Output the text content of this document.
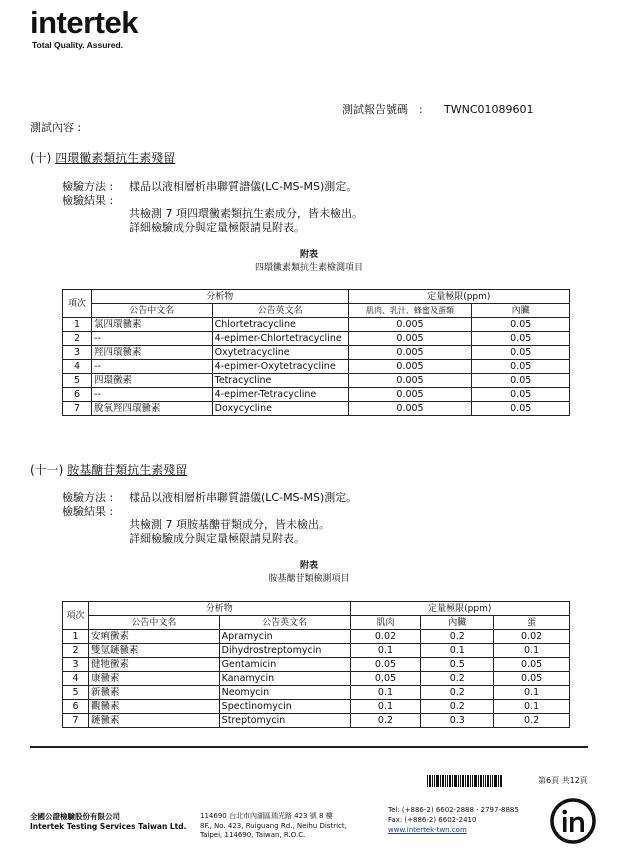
intertek
Total Quality. Assured.
測試報告號碼　: TWNC01089601
測試內容 :
(十) 四環黴素類抗生素殘留
檢驗方法 : 樣品以液相層析串聯質譜儀(LC-MS-MS)測定。
檢驗結果 :
共檢測 7 項四環黴素類抗生素成分，皆未檢出。
詳細檢驗成分與定量極限請見附表。
附表
四環黴素類抗生素檢測項目
項次	分析物		定量極限(ppm)	
	公告中文名	公告英文名	肌肉、乳汁、蜂蜜及蛋類	內臟
1	氯四環黴素	Chlortetracycline	0.005	0.05
2	--	4-epimer-Chlortetracycline	0.005	0.05
3	羥四環黴素	Oxytetracycline	0.005	0.05
4	--	4-epimer-Oxytetracycline	0.005	0.05
5	四環黴素	Tetracycline	0.005	0.05
6	--	4-epimer-Tetracycline	0.005	0.05
7	脫氧羥四環黴素	Doxycycline	0.005	0.05
(十一) 胺基醣苷類抗生素殘留
檢驗方法 : 樣品以液相層析串聯質譜儀(LC-MS-MS)測定。
檢驗結果 :
共檢測 7 項胺基醣苷類成分，皆未檢出。
詳細檢驗成分與定量極限請見附表。
附表
胺基醣苷類檢測項目
項次	分析物		定量極限(ppm)		
	公告中文名	公告英文名	肌肉	內臟	蛋
1	安痢黴素	Apramycin	0.02	0.2	0.02
2	雙氫鏈黴素	Dihydrostreptomycin	0.1	0.1	0.1
3	健牠黴素	Gentamicin	0.05	0.5	0.05
4	康黴素	Kanamycin	0.05	0.2	0.05
5	新黴素	Neomycin	0.1	0.2	0.1
6	觀黴素	Spectinomycin	0.1	0.2	0.1
7	鏈黴素	Streptomycin	0.2	0.3	0.2
第6頁 共12頁
全國公證檢驗股份有限公司
Intertek Testing Services Taiwan Ltd.
114690 台北市內湖區瑞光路 423 號 8 樓
8F., No. 423, Ruiguang Rd., Neihu District,
Taipei, 114690, Taiwan, R.O.C.
Tel: (+886-2) 6602-2888 · 2797-8885
Fax: (+886-2) 6602-2410
www.intertek-twn.com
